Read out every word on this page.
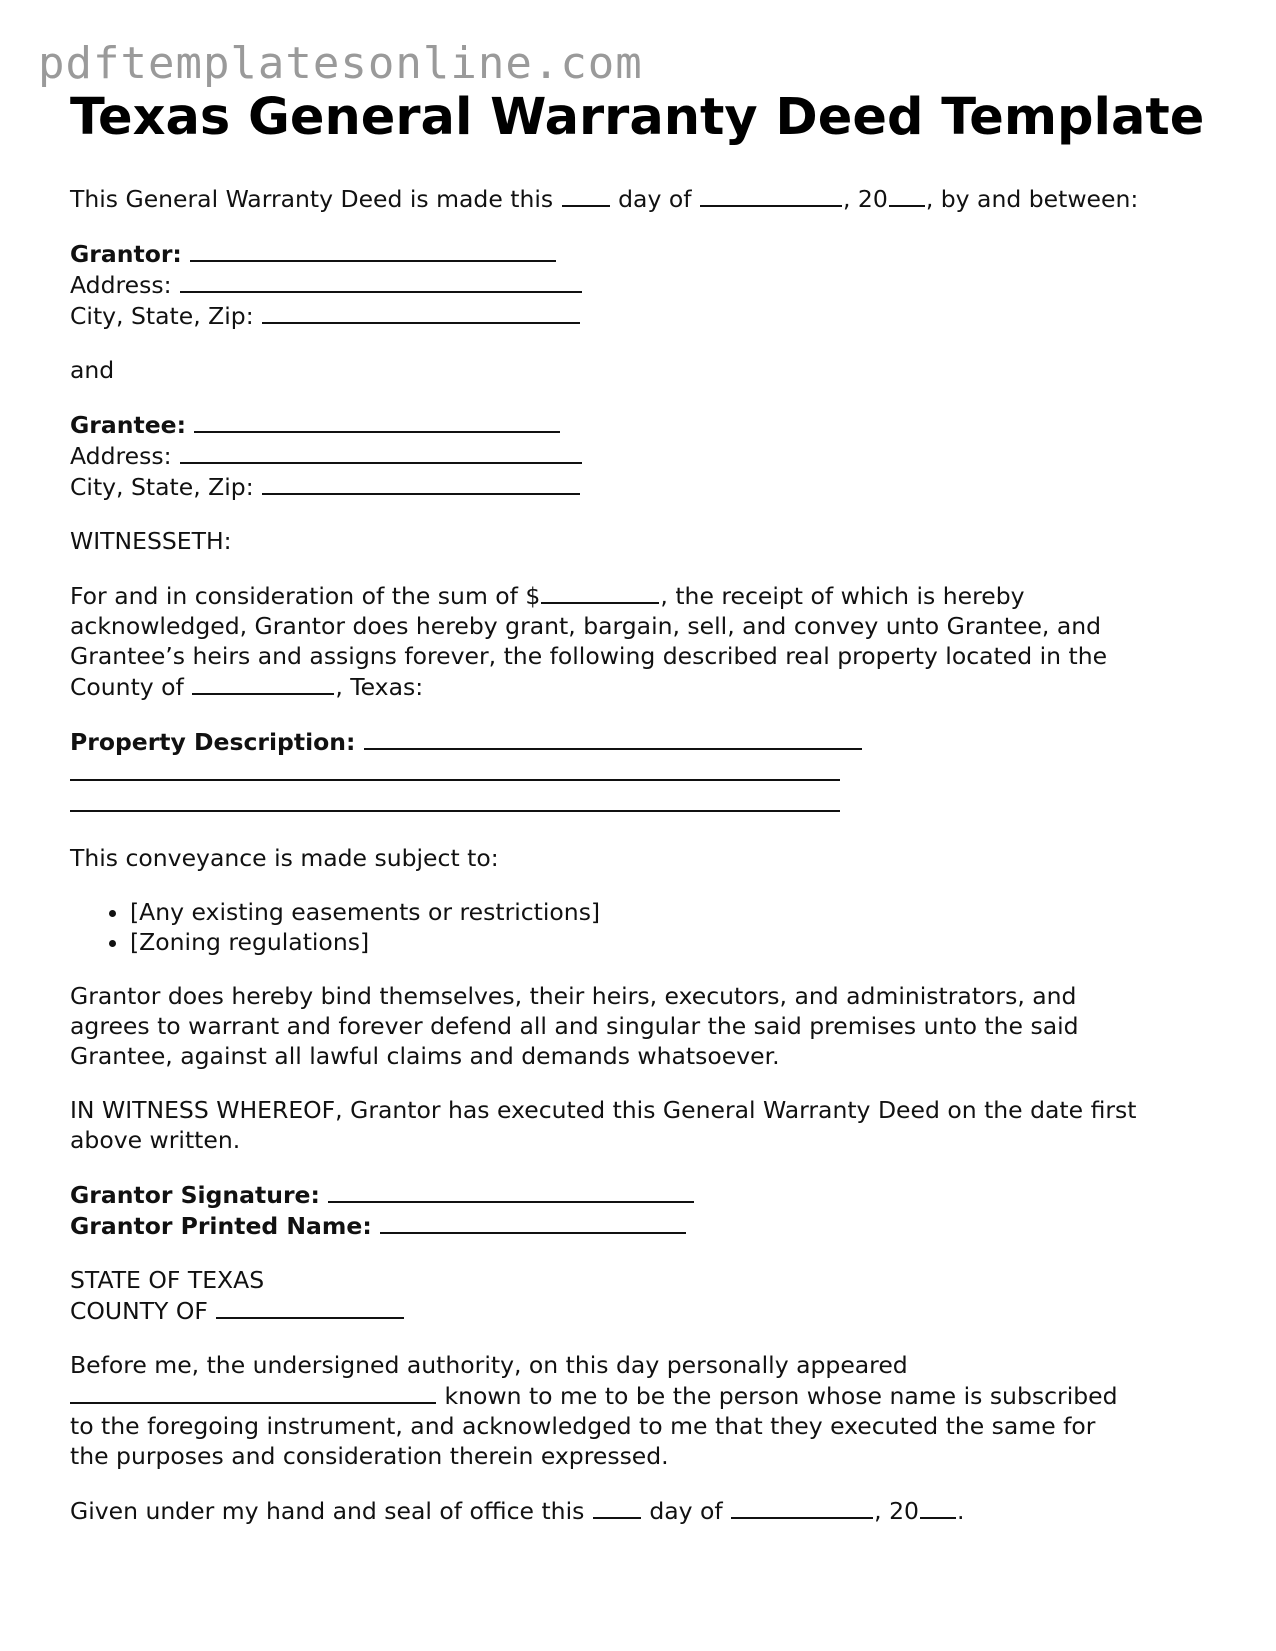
pdftemplatesonline.com
Texas General Warranty Deed Template

This General Warranty Deed is made this	day of	, 20 , by and between:

Grantor:
Address:
City, State, Zip:

and

Grantee:
Address:
City, State, Zip:

WITNESSETH:

For and in consideration of the sum of $	, the receipt of which is hereby
acknowledged, Grantor does hereby grant, bargain, sell, and convey unto Grantee, and
Grantee’s heirs and assigns forever, the following described real property located in the
County of	, Texas:

Property Description:

This conveyance is made subject to:

• [Any existing easements or restrictions]
• [Zoning regulations]

Grantor does hereby bind themselves, their heirs, executors, and administrators, and
agrees to warrant and forever defend all and singular the said premises unto the said
Grantee, against all lawful claims and demands whatsoever.

IN WITNESS WHEREOF, Grantor has executed this General Warranty Deed on the date first
above written.

Grantor Signature:
Grantor Printed Name:

STATE OF TEXAS
COUNTY OF

Before me, the undersigned authority, on this day personally appeared
known to me to be the person whose name is subscribed
to the foregoing instrument, and acknowledged to me that they executed the same for
the purposes and consideration therein expressed.

Given under my hand and seal of office this	day of	, 20 .
